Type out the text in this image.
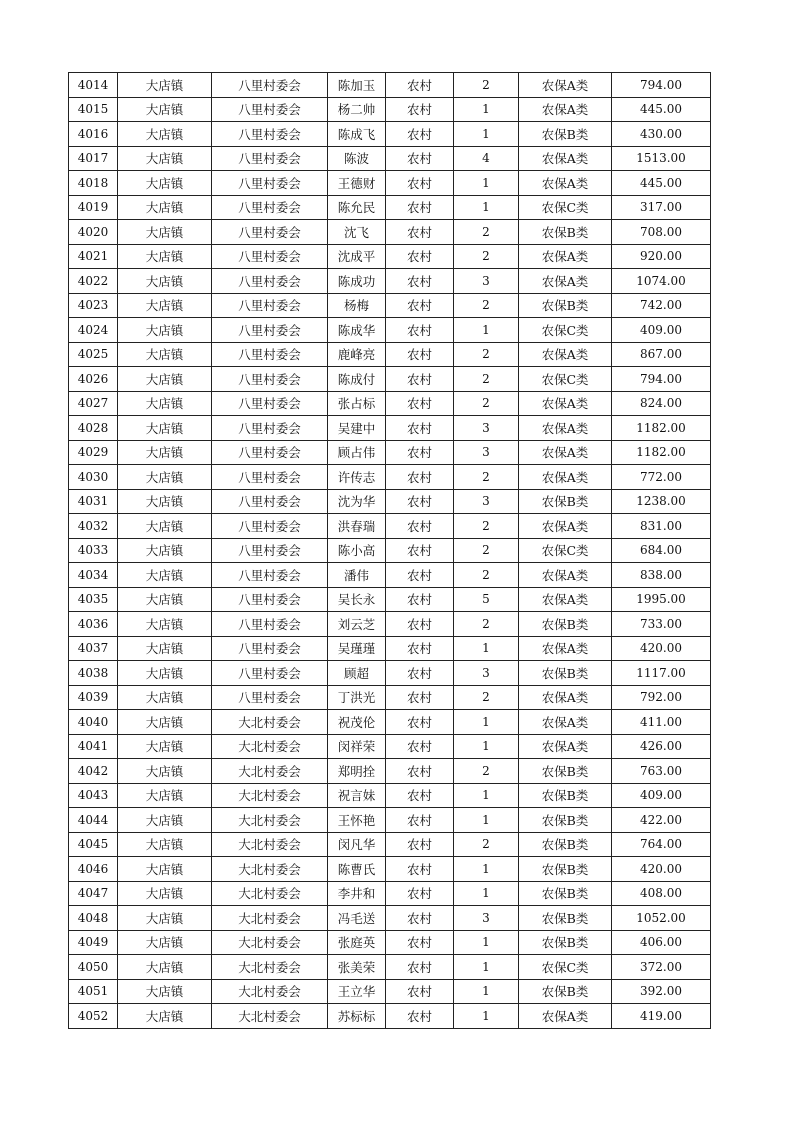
4014	大店镇	八里村委会	陈加玉	农村	2	农保A类	794.00
4015	大店镇	八里村委会	杨二帅	农村	1	农保A类	445.00
4016	大店镇	八里村委会	陈成飞	农村	1	农保B类	430.00
4017	大店镇	八里村委会	陈波	农村	4	农保A类	1513.00
4018	大店镇	八里村委会	王德财	农村	1	农保A类	445.00
4019	大店镇	八里村委会	陈允民	农村	1	农保C类	317.00
4020	大店镇	八里村委会	沈飞	农村	2	农保B类	708.00
4021	大店镇	八里村委会	沈成平	农村	2	农保A类	920.00
4022	大店镇	八里村委会	陈成功	农村	3	农保A类	1074.00
4023	大店镇	八里村委会	杨梅	农村	2	农保B类	742.00
4024	大店镇	八里村委会	陈成华	农村	1	农保C类	409.00
4025	大店镇	八里村委会	鹿峰亮	农村	2	农保A类	867.00
4026	大店镇	八里村委会	陈成付	农村	2	农保C类	794.00
4027	大店镇	八里村委会	张占标	农村	2	农保A类	824.00
4028	大店镇	八里村委会	吴建中	农村	3	农保A类	1182.00
4029	大店镇	八里村委会	顾占伟	农村	3	农保A类	1182.00
4030	大店镇	八里村委会	许传志	农村	2	农保A类	772.00
4031	大店镇	八里村委会	沈为华	农村	3	农保B类	1238.00
4032	大店镇	八里村委会	洪春瑞	农村	2	农保A类	831.00
4033	大店镇	八里村委会	陈小高	农村	2	农保C类	684.00
4034	大店镇	八里村委会	潘伟	农村	2	农保A类	838.00
4035	大店镇	八里村委会	吴长永	农村	5	农保A类	1995.00
4036	大店镇	八里村委会	刘云芝	农村	2	农保B类	733.00
4037	大店镇	八里村委会	吴瑾瑾	农村	1	农保A类	420.00
4038	大店镇	八里村委会	顾超	农村	3	农保B类	1117.00
4039	大店镇	八里村委会	丁洪光	农村	2	农保A类	792.00
4040	大店镇	大北村委会	祝茂伦	农村	1	农保A类	411.00
4041	大店镇	大北村委会	闵祥荣	农村	1	农保A类	426.00
4042	大店镇	大北村委会	郑明拴	农村	2	农保B类	763.00
4043	大店镇	大北村委会	祝言妹	农村	1	农保B类	409.00
4044	大店镇	大北村委会	王怀艳	农村	1	农保B类	422.00
4045	大店镇	大北村委会	闵凡华	农村	2	农保B类	764.00
4046	大店镇	大北村委会	陈曹氏	农村	1	农保B类	420.00
4047	大店镇	大北村委会	李井和	农村	1	农保B类	408.00
4048	大店镇	大北村委会	冯毛送	农村	3	农保B类	1052.00
4049	大店镇	大北村委会	张庭英	农村	1	农保B类	406.00
4050	大店镇	大北村委会	张美荣	农村	1	农保C类	372.00
4051	大店镇	大北村委会	王立华	农村	1	农保B类	392.00
4052	大店镇	大北村委会	苏标标	农村	1	农保A类	419.00
